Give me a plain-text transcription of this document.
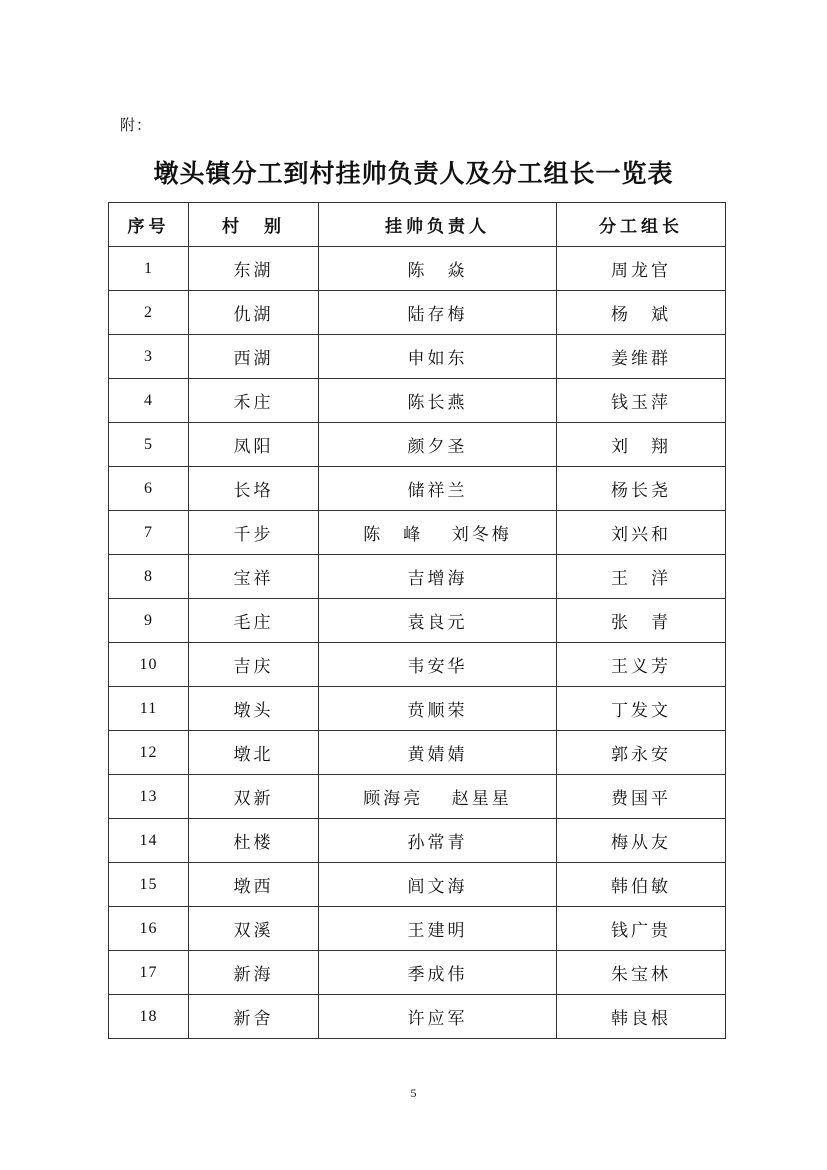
附：
墩头镇分工到村挂帅负责人及分工组长一览表
序号	村　别	挂帅负责人	分工组长
1	东湖	陈　焱	周龙官
2	仇湖	陆存梅	杨　斌
3	西湖	申如东	姜维群
4	禾庄	陈长燕	钱玉萍
5	凤阳	颜夕圣	刘　翔
6	长垎	储祥兰	杨长尧
7	千步	陈　峰　 刘冬梅	刘兴和
8	宝祥	吉增海	王　洋
9	毛庄	袁良元	张　青
10	吉庆	韦安华	王义芳
11	墩头	贲顺荣	丁发文
12	墩北	黄婧婧	郭永安
13	双新	顾海亮　 赵星星	费国平
14	杜楼	孙常青	梅从友
15	墩西	闾文海	韩伯敏
16	双溪	王建明	钱广贵
17	新海	季成伟	朱宝林
18	新舍	许应军	韩良根
5
